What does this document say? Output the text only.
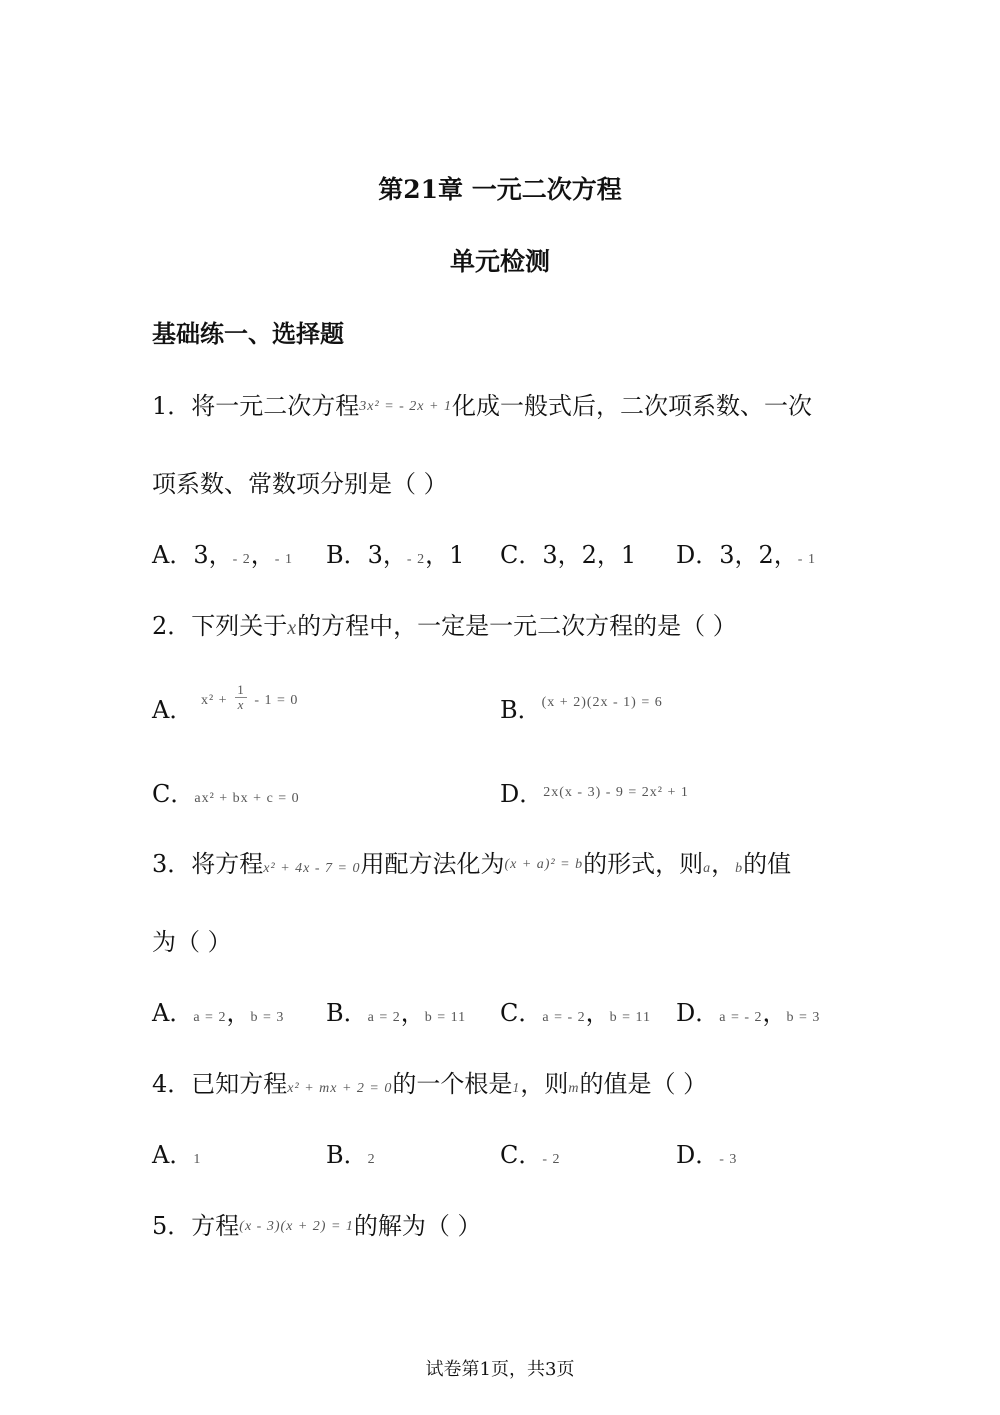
第21章 一元二次方程
单元检测
基础练一、选择题
1．将一元二次方程3x² = - 2x + 1化成一般式后，二次项系数、一次
项系数、常数项分别是（ ）
A．3，- 2，- 1 B．3，- 2，1 C．3，2，1 D．3，2，- 1
2．下列关于x的方程中，一定是一元二次方程的是（ ）
A． $x^2 + \frac{1}{x} - 1 = 0$	B．$^{(x + 2)(2x - 1) = 6}$
C．ax² + bx + c = 0	D．$^{2x(x - 3) - 9 = 2x^2 + 1}$
3．将方程x² + 4x - 7 = 0用配方法化为(x + a)² = b的形式，则a，b的值
为（ ）
A．a = 2，b = 3 B．a = 2，b = 11 C．a = - 2，b = 11 D．a = - 2，b = 3
4．已知方程x² + mx + 2 = 0的一个根是1，则m的值是（ ）
A．1	B．2	C．- 2	D．- 3
5．方程(x - 3)(x + 2) = 1的解为（ ）
试卷第1页，共3页
